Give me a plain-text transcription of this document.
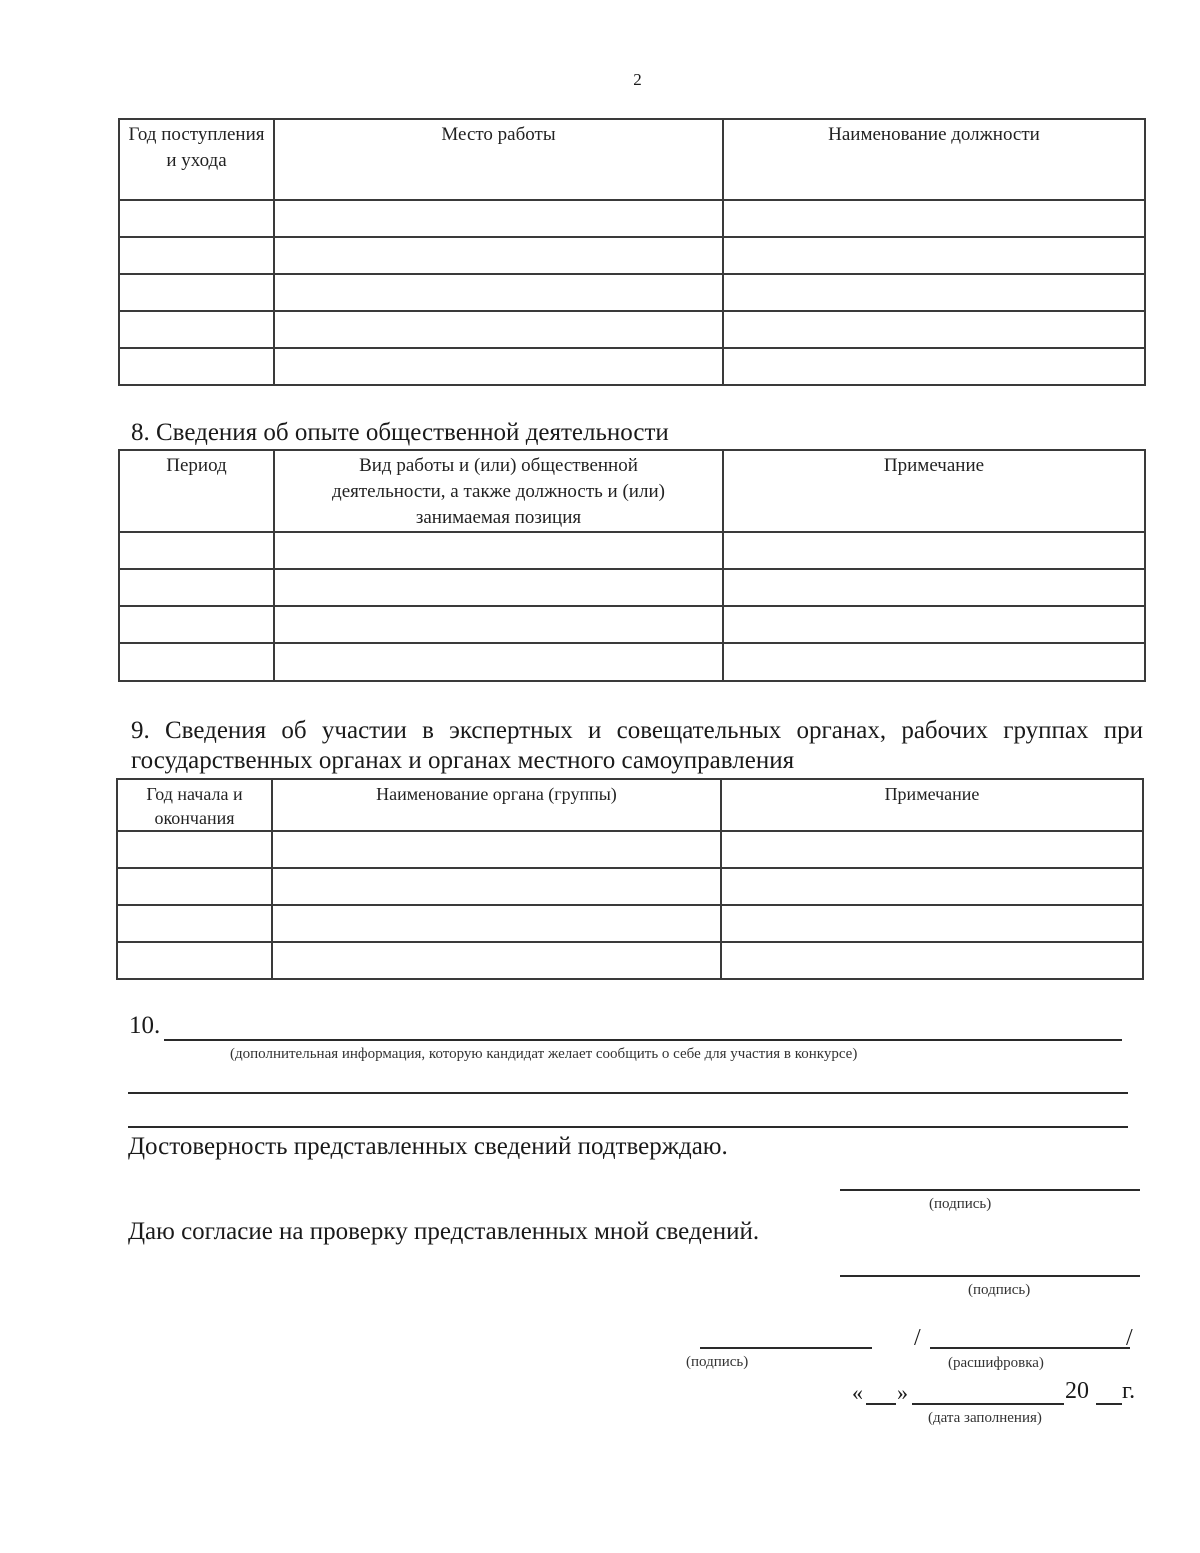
2
Год поступления и ухода	Место работы	Наименование должности

8. Сведения об опыте общественной деятельности
Период	Вид работы и (или) общественной деятельности, а также должность и (или) занимаемая позиция	Примечание

9. Сведения об участии в экспертных и совещательных органах, рабочих группах при государственных органах и органах местного самоуправления
Год начала и окончания	Наименование органа (группы)	Примечание

10.
(дополнительная информация, которую кандидат желает сообщить о себе для участия в конкурсе)
Достоверность представленных сведений подтверждаю.
(подпись)
Даю согласие на проверку представленных мной сведений.
(подпись)
/	/
(подпись)	(расшифровка)
« »	20 г.
(дата заполнения)
